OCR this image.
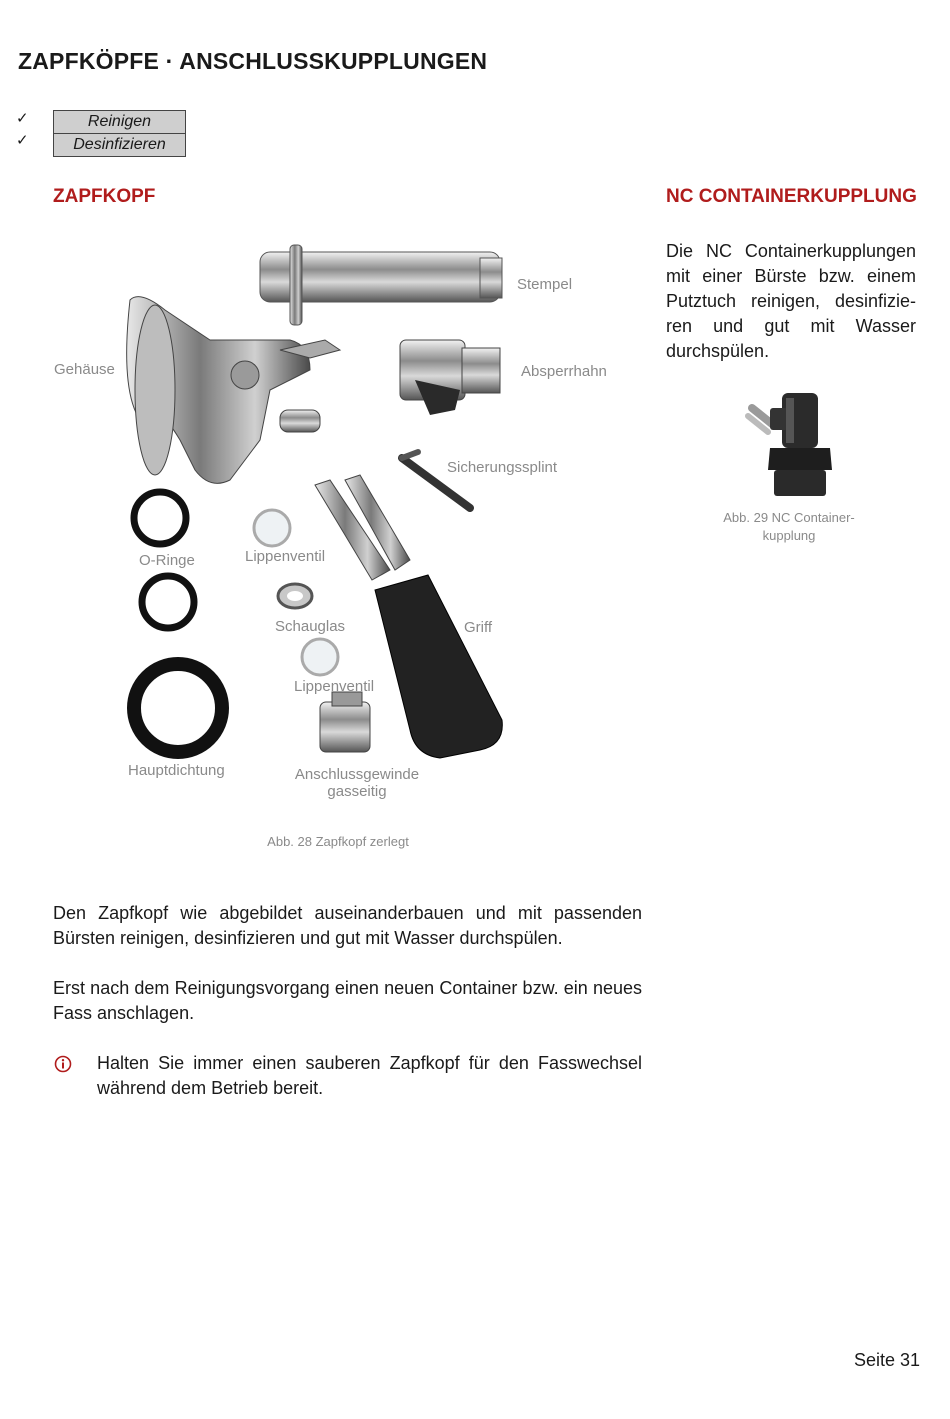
ZAPFKÖPFE · ANSCHLUSSKUPPLUNGEN
✓
✓
Reinigen
Desinfizieren
ZAPFKOPF	NC CONTAINERKUPPLUNG
Die NC Containerkupplungen mit einer Bürste bzw. einem Putztuch reinigen, desinfizieren und gut mit Wasser durchspülen.
Stempel
Gehäuse	Absperrhahn
Sicherungssplint
O-Ringe	Lippenventil
Schauglas	Griff
Lippenventil
Hauptdichtung	Anschlussgewinde
gasseitig
Abb. 28 Zapfkopf zerlegt
Abb. 29 NC Container-
kupplung
Den Zapfkopf wie abgebildet auseinanderbauen und mit passenden Bürsten reinigen, desinfizieren und gut mit Wasser durchspülen.
Erst nach dem Reinigungsvorgang einen neuen Container bzw. ein neues Fass anschlagen.
Halten Sie immer einen sauberen Zapfkopf für den Fasswechsel während dem Betrieb bereit.
Seite 31
